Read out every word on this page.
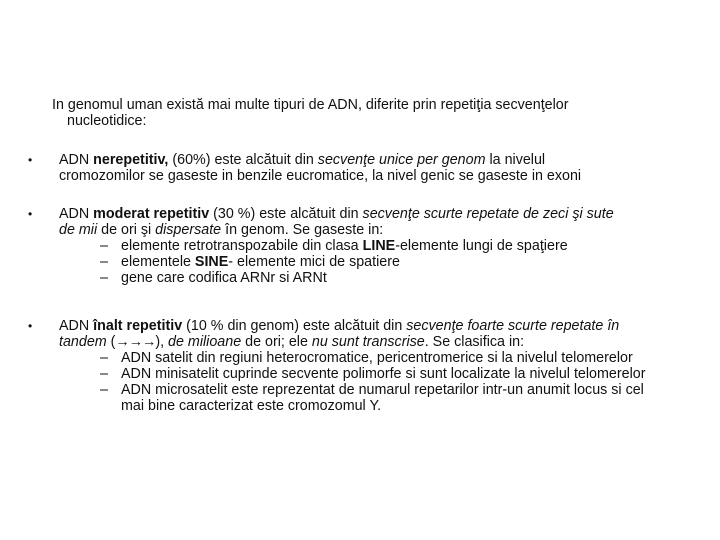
In genomul uman există mai multe tipuri de ADN, diferite prin repetiţia secvenţelor
nucleotidice:
•	ADN nerepetitiv, (60%) este alcătuit din secvenţe unice per genom la nivelul
cromozomilor se gaseste in benzile eucromatice, la nivel genic se gaseste in exoni
•	ADN moderat repetitiv (30 %) este alcătuit din secvenţe scurte repetate de zeci şi sute
de mii de ori şi dispersate în genom. Se gaseste in:
– elemente retrotranspozabile din clasa LINE-elemente lungi de spaţiere
– elementele SINE- elemente mici de spatiere
– gene care codifica ARNr si ARNt
•	ADN înalt repetitiv (10 % din genom) este alcătuit din secvenţe foarte scurte repetate în
tandem (→→→), de milioane de ori; ele nu sunt transcrise. Se clasifica in:
– ADN satelit din regiuni heterocromatice, pericentromerice si la nivelul telomerelor
– ADN minisatelit cuprinde secvente polimorfe si sunt localizate la nivelul telomerelor
– ADN microsatelit este reprezentat de numarul repetarilor intr-un anumit locus si cel
mai bine caracterizat este cromozomul Y.
